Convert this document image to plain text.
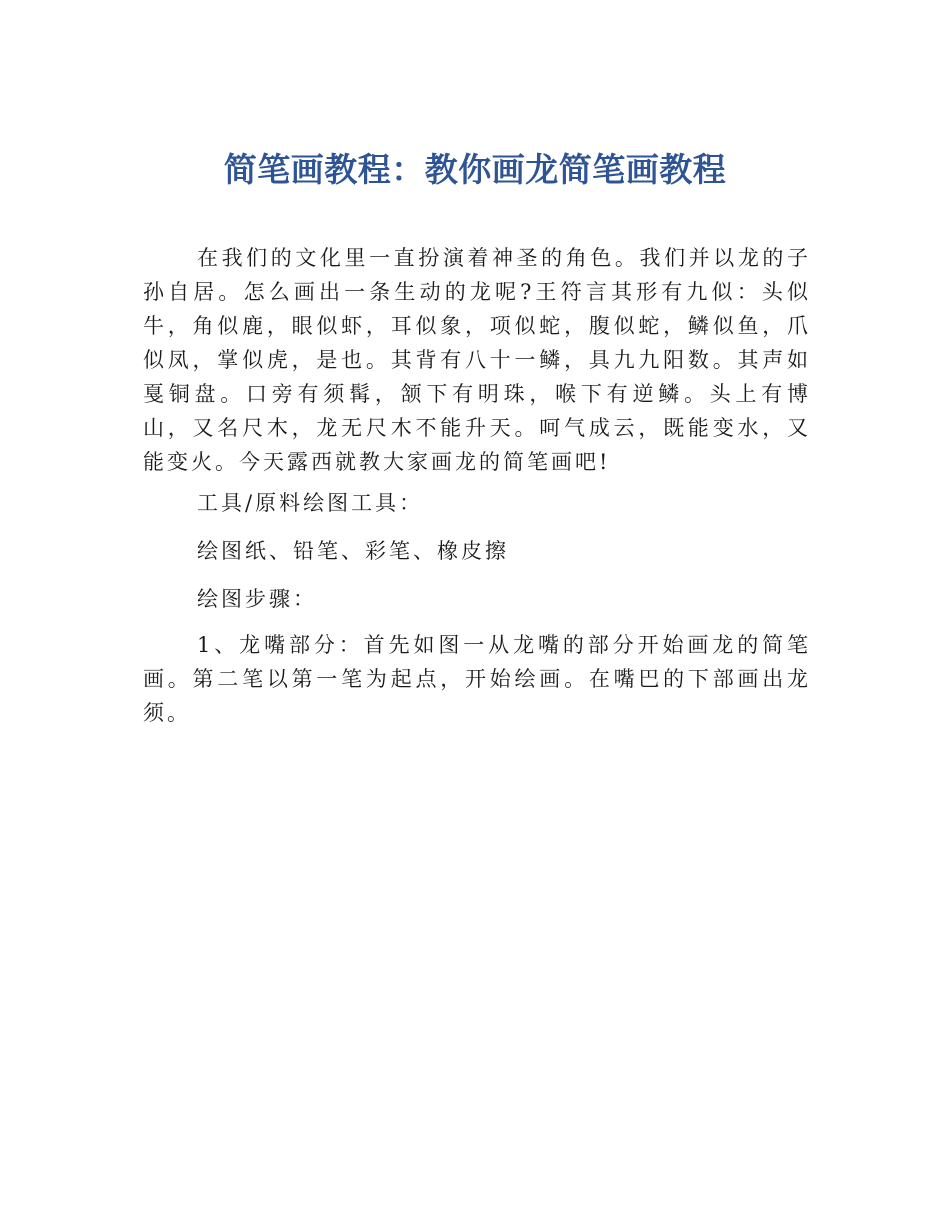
简笔画教程：教你画龙简笔画教程

在我们的文化里一直扮演着神圣的角色。我们并以龙的子孙自居。怎么画出一条生动的龙呢?王符言其形有九似：头似牛，角似鹿，眼似虾，耳似象，项似蛇，腹似蛇，鳞似鱼，爪似凤，掌似虎，是也。其背有八十一鳞，具九九阳数。其声如戛铜盘。口旁有须髯，颔下有明珠，喉下有逆鳞。头上有博山，又名尺木，龙无尺木不能升天。呵气成云，既能变水，又能变火。今天露西就教大家画龙的简笔画吧!

工具/原料绘图工具：

绘图纸、铅笔、彩笔、橡皮擦

绘图步骤：

1、龙嘴部分：首先如图一从龙嘴的部分开始画龙的简笔画。第二笔以第一笔为起点，开始绘画。在嘴巴的下部画出龙须。
